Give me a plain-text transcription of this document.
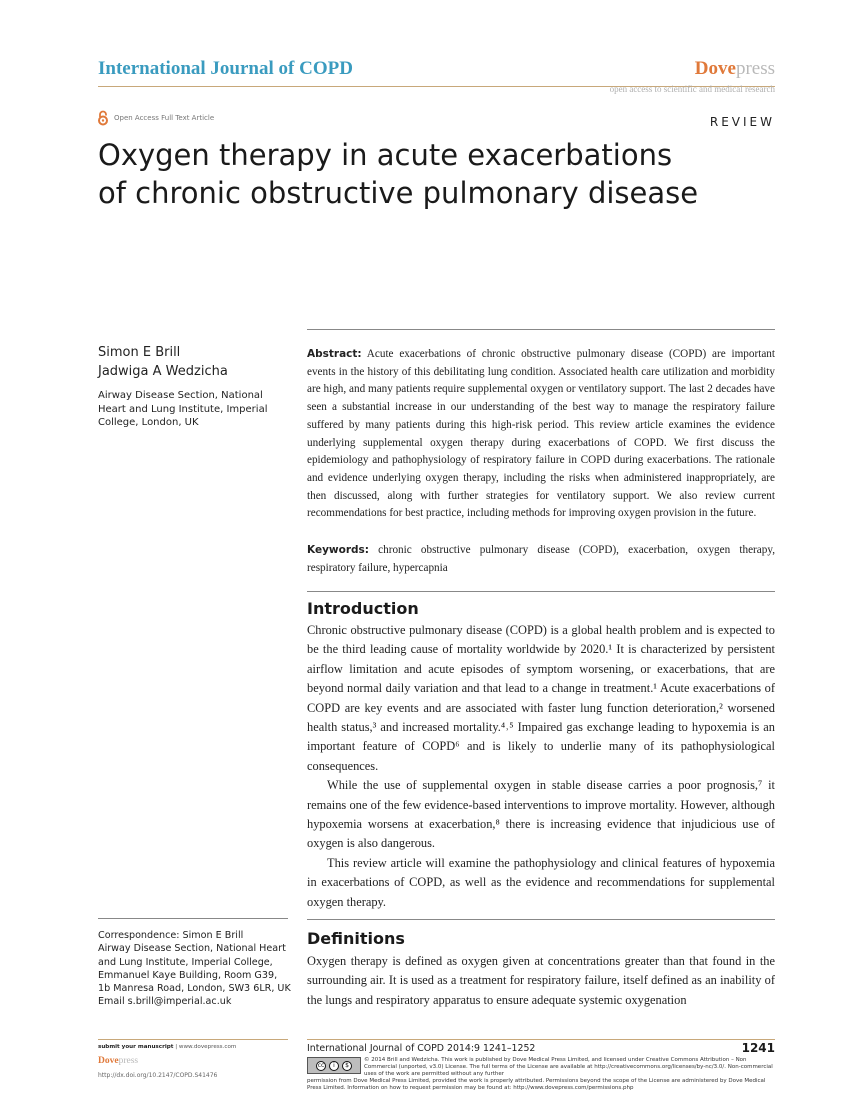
International Journal of COPD	Dovepress
open access to scientific and medical research
Open Access Full Text Article	REVIEW
Oxygen therapy in acute exacerbations
of chronic obstructive pulmonary disease
Simon E Brill
Jadwiga A Wedzicha
Airway Disease Section, National
Heart and Lung Institute, Imperial
College, London, UK
Abstract: Acute exacerbations of chronic obstructive pulmonary disease (COPD) are important events in the history of this debilitating lung condition. Associated health care utilization and morbidity are high, and many patients require supplemental oxygen or ventilatory support. The last 2 decades have seen a substantial increase in our understanding of the best way to manage the respiratory failure suffered by many patients during this high-risk period. This review article examines the evidence underlying supplemental oxygen therapy during exacerbations of COPD. We first discuss the epidemiology and pathophysiology of respiratory failure in COPD during exacerbations. The rationale and evidence underlying oxygen therapy, including the risks when administered inappropriately, are then discussed, along with further strategies for ventilatory support. We also review current recommendations for best practice, including methods for improving oxygen provision in the future.
Keywords: chronic obstructive pulmonary disease (COPD), exacerbation, oxygen therapy, respiratory failure, hypercapnia
Introduction

Chronic obstructive pulmonary disease (COPD) is a global health problem and is expected to be the third leading cause of mortality worldwide by 2020.¹ It is characterized by persistent airflow limitation and acute episodes of symptom worsening, or exacerbations, that are beyond normal daily variation and that lead to a change in treatment.¹ Acute exacerbations of COPD are key events and are associated with faster lung function deterioration,² worsened health status,³ and increased mortality.⁴˒⁵ Impaired gas exchange leading to hypoxemia is an important feature of COPD⁶ and is likely to underlie many of its pathophysiological consequences.

While the use of supplemental oxygen in stable disease carries a poor prognosis,⁷ it remains one of the few evidence-based interventions to improve mortality. However, although hypoxemia worsens at exacerbation,⁸ there is increasing evidence that injudicious use of oxygen is also dangerous.

This review article will examine the pathophysiology and clinical features of hypoxemia in exacerbations of COPD, as well as the evidence and recommendations for supplemental oxygen therapy.

Definitions

Oxygen therapy is defined as oxygen given at concentrations greater than that found in the surrounding air. It is used as a treatment for respiratory failure, itself defined as an inability of the lungs and respiratory apparatus to ensure adequate systemic oxygenation

Correspondence: Simon E Brill
Airway Disease Section, National Heart
and Lung Institute, Imperial College,
Emmanuel Kaye Building, Room G39,
1b Manresa Road, London, SW3 6LR, UK
Email s.brill@imperial.ac.uk
submit your manuscript | www.dovepress.com
Dovepress
http://dx.doi.org/10.2147/COPD.S41476
International Journal of COPD 2014:9 1241–1252	1241
cc	i	$
© 2014 Brill and Wedzicha. This work is published by Dove Medical Press Limited, and licensed under Creative Commons Attribution – Non Commercial (unported, v3.0) License. The full terms of the License are available at http://creativecommons.org/licenses/by-nc/3.0/. Non-commercial uses of the work are permitted without any further
permission from Dove Medical Press Limited, provided the work is properly attributed. Permissions beyond the scope of the License are administered by Dove Medical Press Limited. Information on how to request permission may be found at: http://www.dovepress.com/permissions.php
